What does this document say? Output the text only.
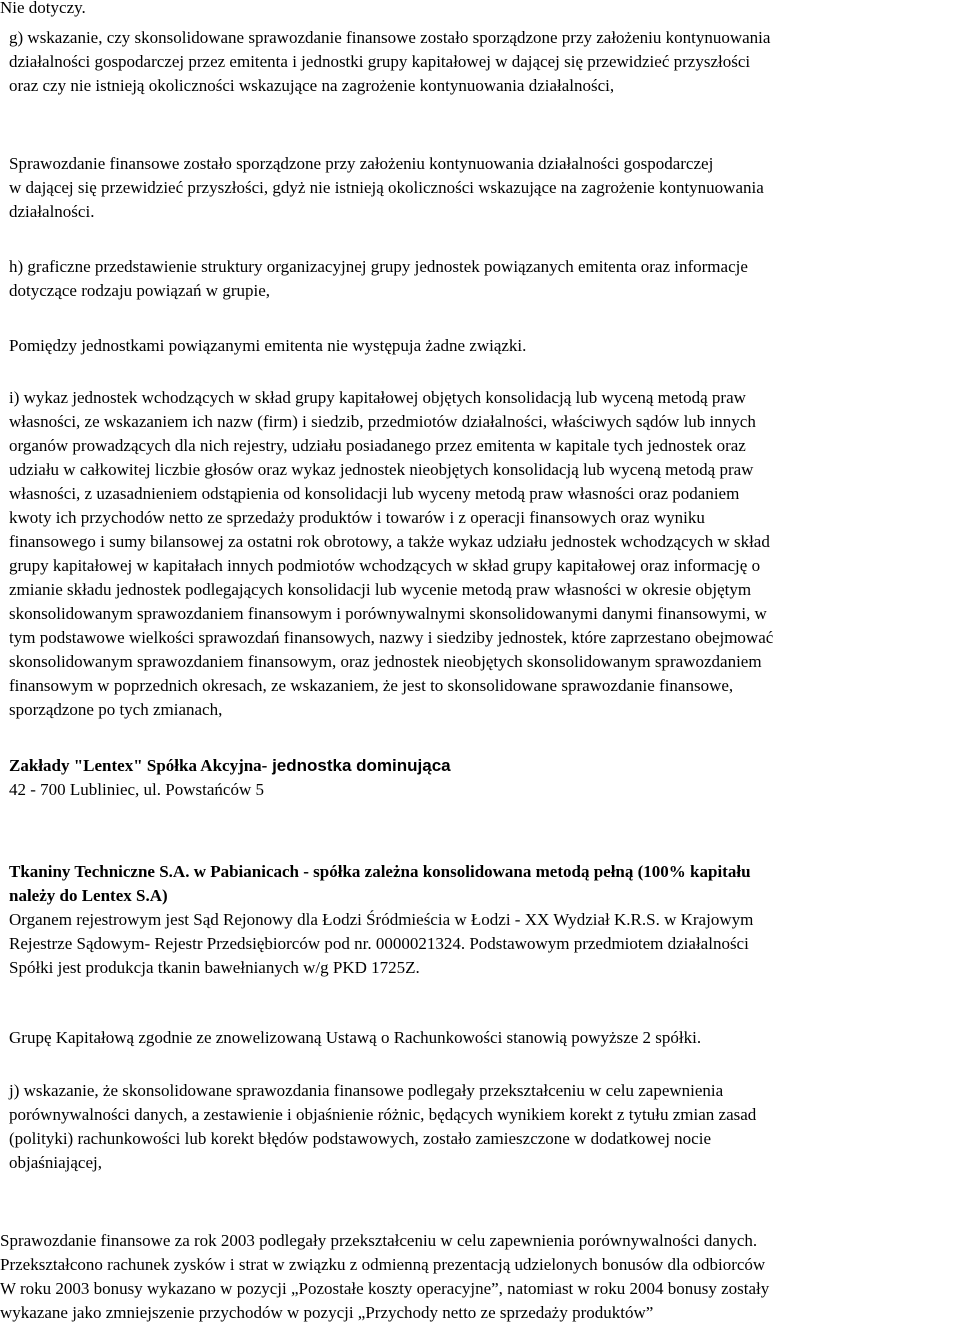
Nie dotyczy.
g) wskazanie, czy skonsolidowane sprawozdanie finansowe zostało sporządzone przy założeniu kontynuowania
działalności gospodarczej przez emitenta i jednostki grupy kapitałowej w dającej się przewidzieć przyszłości
oraz czy nie istnieją okoliczności wskazujące na zagrożenie kontynuowania działalności,
Sprawozdanie finansowe zostało sporządzone przy założeniu kontynuowania działalności gospodarczej
w dającej się przewidzieć przyszłości, gdyż nie istnieją okoliczności wskazujące na zagrożenie kontynuowania
działalności.
h) graficzne przedstawienie struktury organizacyjnej grupy jednostek powiązanych emitenta oraz informacje
dotyczące rodzaju powiązań w grupie,
Pomiędzy jednostkami powiązanymi emitenta nie występuja żadne związki.
i) wykaz jednostek wchodzących w skład grupy kapitałowej objętych konsolidacją lub wyceną metodą praw
własności, ze wskazaniem ich nazw (firm) i siedzib, przedmiotów działalności, właściwych sądów lub innych
organów prowadzących dla nich rejestry, udziału posiadanego przez emitenta w kapitale tych jednostek oraz
udziału w całkowitej liczbie głosów oraz wykaz jednostek nieobjętych konsolidacją lub wyceną metodą praw
własności, z uzasadnieniem odstąpienia od konsolidacji lub wyceny metodą praw własności oraz podaniem
kwoty ich przychodów netto ze sprzedaży produktów i towarów i z operacji finansowych oraz wyniku
finansowego i sumy bilansowej za ostatni rok obrotowy, a także wykaz udziału jednostek wchodzących w skład
grupy kapitałowej w kapitałach innych podmiotów wchodzących w skład grupy kapitałowej oraz informację o
zmianie składu jednostek podlegających konsolidacji lub wycenie metodą praw własności w okresie objętym
skonsolidowanym sprawozdaniem finansowym i porównywalnymi skonsolidowanymi danymi finansowymi, w
tym podstawowe wielkości sprawozdań finansowych, nazwy i siedziby jednostek, które zaprzestano obejmować
skonsolidowanym sprawozdaniem finansowym, oraz jednostek nieobjętych skonsolidowanym sprawozdaniem
finansowym w poprzednich okresach, ze wskazaniem, że jest to skonsolidowane sprawozdanie finansowe,
sporządzone po tych zmianach,
Zakłady "Lentex" Spółka Akcyjna- jednostka dominująca
42 - 700 Lubliniec, ul. Powstańców 5
Tkaniny Techniczne S.A. w Pabianicach - spółka zależna konsolidowana metodą pełną (100% kapitału
należy do Lentex S.A)
Organem rejestrowym jest Sąd Rejonowy dla Łodzi Śródmieścia w Łodzi - XX Wydział K.R.S. w Krajowym
Rejestrze Sądowym- Rejestr Przedsiębiorców pod nr. 0000021324. Podstawowym przedmiotem działalności
Spółki jest produkcja tkanin bawełnianych w/g PKD 1725Z.
Grupę Kapitałową zgodnie ze znowelizowaną Ustawą o Rachunkowości stanowią powyższe 2 spółki.
j) wskazanie, że skonsolidowane sprawozdania finansowe podlegały przekształceniu w celu zapewnienia
porównywalności danych, a zestawienie i objaśnienie różnic, będących wynikiem korekt z tytułu zmian zasad
(polityki) rachunkowości lub korekt błędów podstawowych, zostało zamieszczone w dodatkowej nocie
objaśniającej,
Sprawozdanie finansowe za rok 2003 podlegały przekształceniu w celu zapewnienia porównywalności danych.
Przekształcono rachunek zysków i strat w związku z odmienną prezentacją udzielonych bonusów dla odbiorców
W roku 2003 bonusy wykazano w pozycji „Pozostałe koszty operacyjne”, natomiast w roku 2004 bonusy zostały
wykazane jako zmniejszenie przychodów w pozycji „Przychody netto ze sprzedaży produktów”
